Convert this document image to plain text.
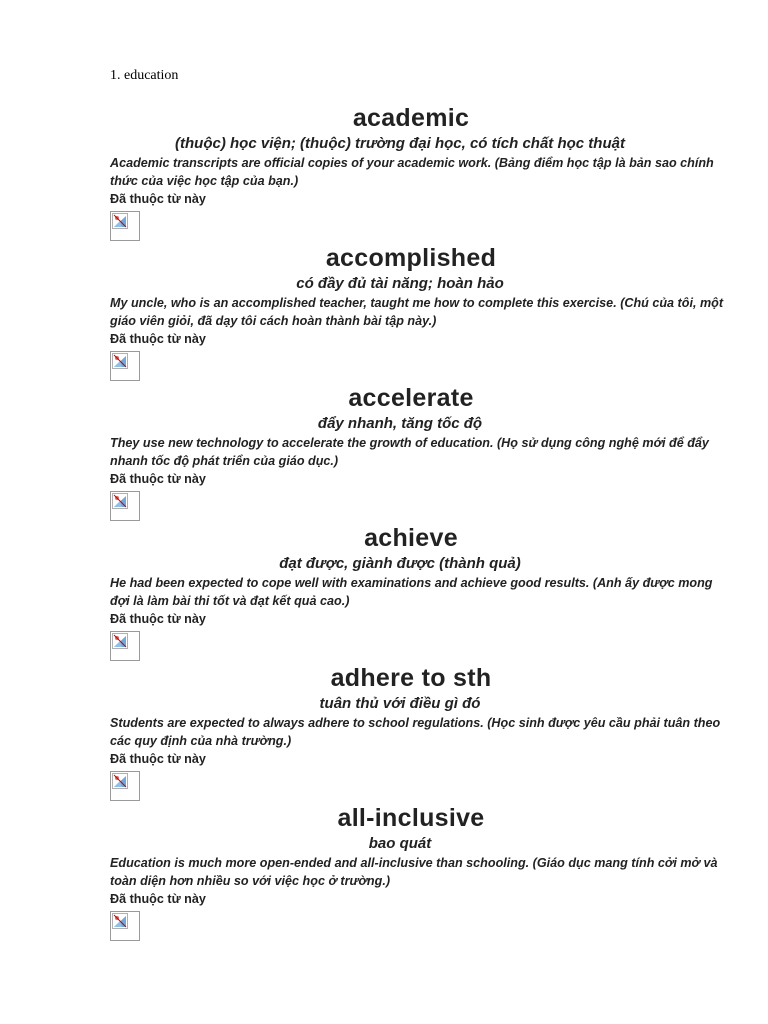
1. education
academic
(thuộc) học viện; (thuộc) trường đại học, có tích chất học thuật
Academic transcripts are official copies of your academic work. (Bảng điểm học tập là bản sao chính thức của việc học tập của bạn.)
Đã thuộc từ này
accomplished
có đầy đủ tài năng; hoàn hảo
My uncle, who is an accomplished teacher, taught me how to complete this exercise. (Chú của tôi, một giáo viên giỏi, đã dạy tôi cách hoàn thành bài tập này.)
Đã thuộc từ này
accelerate
đẩy nhanh, tăng tốc độ
They use new technology to accelerate the growth of education. (Họ sử dụng công nghệ mới để đẩy nhanh tốc độ phát triển của giáo dục.)
Đã thuộc từ này
achieve
đạt được, giành được (thành quả)
He had been expected to cope well with examinations and achieve good results. (Anh ấy được mong đợi là làm bài thi tốt và đạt kết quả cao.)
Đã thuộc từ này
adhere to sth
tuân thủ với điều gì đó
Students are expected to always adhere to school regulations. (Học sinh được yêu cầu phải tuân theo các quy định của nhà trường.)
Đã thuộc từ này
all-inclusive
bao quát
Education is much more open-ended and all-inclusive than schooling. (Giáo dục mang tính cởi mở và toàn diện hơn nhiều so với việc học ở trường.)
Đã thuộc từ này
